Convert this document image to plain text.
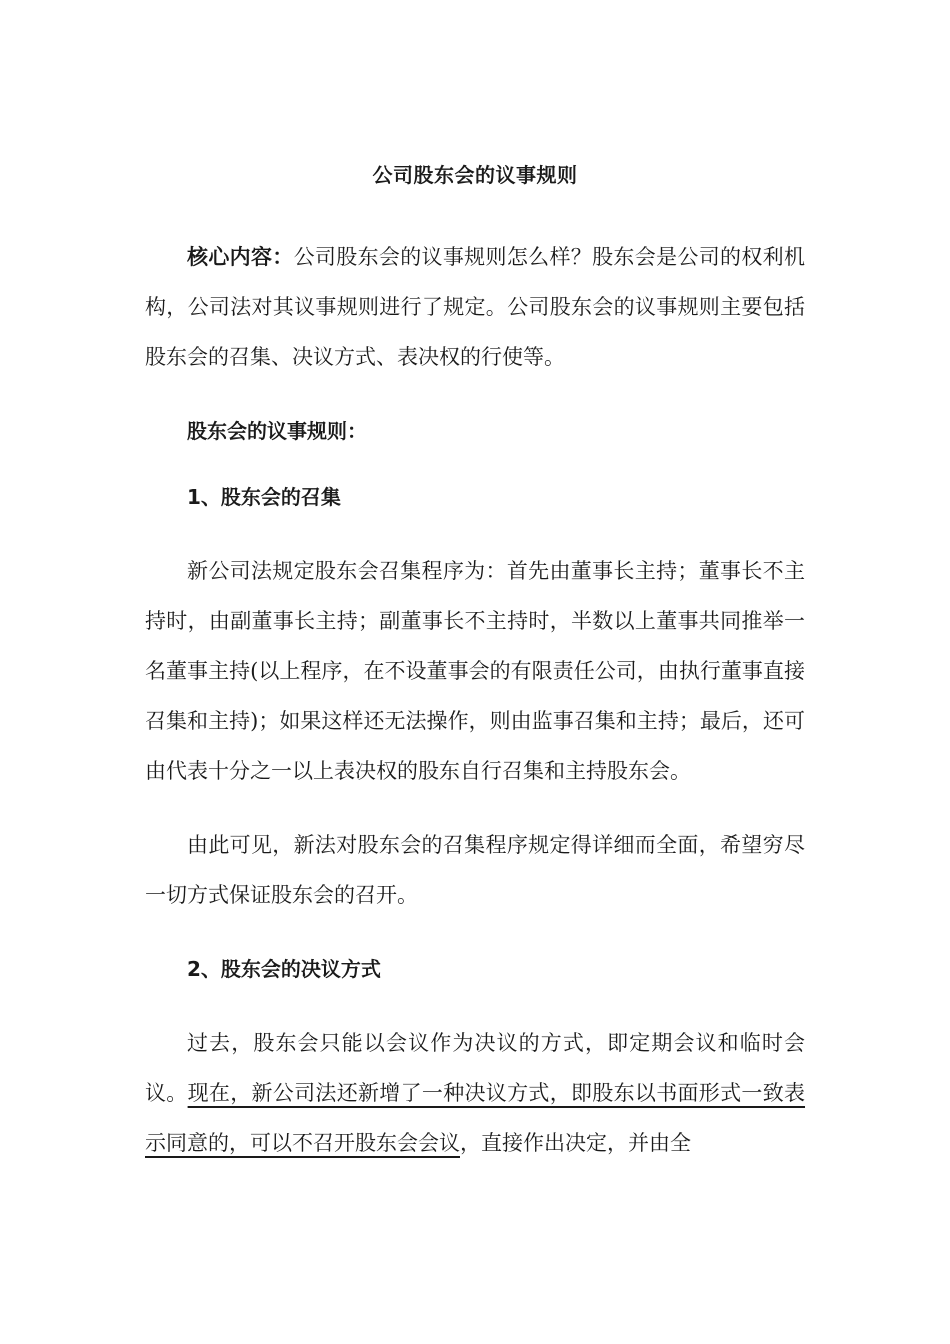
公司股东会的议事规则

核心内容：公司股东会的议事规则怎么样？股东会是公司的权利机构，公司法对其议事规则进行了规定。公司股东会的议事规则主要包括股东会的召集、决议方式、表决权的行使等。

股东会的议事规则：

1、股东会的召集

新公司法规定股东会召集程序为：首先由董事长主持；董事长不主持时，由副董事长主持；副董事长不主持时，半数以上董事共同推举一名董事主持(以上程序，在不设董事会的有限责任公司，由执行董事直接召集和主持)；如果这样还无法操作，则由监事召集和主持；最后，还可由代表十分之一以上表决权的股东自行召集和主持股东会。

由此可见，新法对股东会的召集程序规定得详细而全面，希望穷尽一切方式保证股东会的召开。

2、股东会的决议方式

过去，股东会只能以会议作为决议的方式，即定期会议和临时会议。现在，新公司法还新增了一种决议方式，即股东以书面形式一致表示同意的，可以不召开股东会会议，直接作出决定，并由全
